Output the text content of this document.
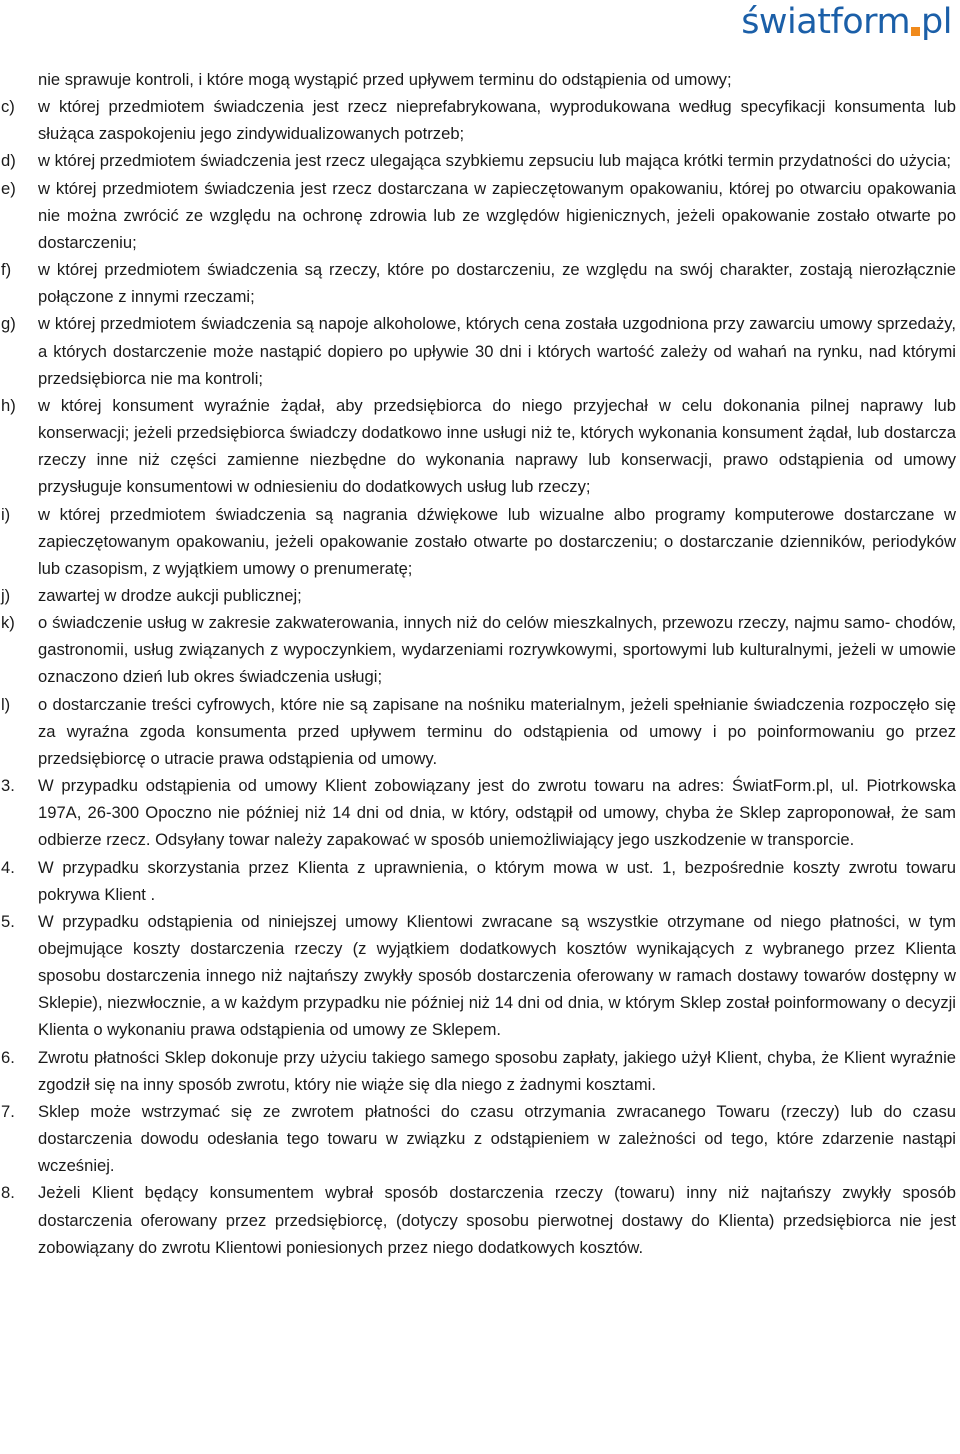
światform pl
nie sprawuje kontroli, i które mogą wystąpić przed upływem terminu do odstąpienia od umowy;
c) w której przedmiotem świadczenia jest rzecz nieprefabrykowana, wyprodukowana według specyfikacji konsumenta lub służąca zaspokojeniu jego zindywidualizowanych potrzeb;
d) w której przedmiotem świadczenia jest rzecz ulegająca szybkiemu zepsuciu lub mająca krótki termin przydatności do użycia;
e) w której przedmiotem świadczenia jest rzecz dostarczana w zapieczętowanym opakowaniu, której po otwarciu opakowania nie można zwrócić ze względu na ochronę zdrowia lub ze względów higienicznych, jeżeli opakowanie zostało otwarte po dostarczeniu;
f) w której przedmiotem świadczenia są rzeczy, które po dostarczeniu, ze względu na swój charakter, zostają nierozłącznie połączone z innymi rzeczami;
g) w której przedmiotem świadczenia są napoje alkoholowe, których cena została uzgodniona przy zawarciu umowy sprzedaży, a których dostarczenie może nastąpić dopiero po upływie 30 dni i których wartość zależy od wahań na rynku, nad którymi przedsiębiorca nie ma kontroli;
h) w której konsument wyraźnie żądał, aby przedsiębiorca do niego przyjechał w celu dokonania pilnej naprawy lub konserwacji; jeżeli przedsiębiorca świadczy dodatkowo inne usługi niż te, których wykonania konsument żądał, lub dostarcza rzeczy inne niż części zamienne niezbędne do wykonania naprawy lub konserwacji, prawo odstąpienia od umowy przysługuje konsumentowi w odniesieniu do dodatkowych usług lub rzeczy;
i) w której przedmiotem świadczenia są nagrania dźwiękowe lub wizualne albo programy komputerowe dostarczane w zapieczętowanym opakowaniu, jeżeli opakowanie zostało otwarte po dostarczeniu; o dostarczanie dzienników, periodyków lub czasopism, z wyjątkiem umowy o prenumeratę;
j) zawartej w drodze aukcji publicznej;
k) o świadczenie usług w zakresie zakwaterowania, innych niż do celów mieszkalnych, przewozu rzeczy, najmu samo- chodów, gastronomii, usług związanych z wypoczynkiem, wydarzeniami rozrywkowymi, sportowymi lub kulturalnymi, jeżeli w umowie oznaczono dzień lub okres świadczenia usługi;
l) o dostarczanie treści cyfrowych, które nie są zapisane na nośniku materialnym, jeżeli spełnianie świadczenia rozpoczęło się za wyraźna zgoda konsumenta przed upływem terminu do odstąpienia od umowy i po poinformowaniu go przez przedsiębiorcę o utracie prawa odstąpienia od umowy.
3. W przypadku odstąpienia od umowy Klient zobowiązany jest do zwrotu towaru na adres: ŚwiatForm.pl, ul. Piotrkowska 197A, 26-300 Opoczno nie później niż 14 dni od dnia, w który, odstąpił od umowy, chyba że Sklep zaproponował, że sam odbierze rzecz. Odsyłany towar należy zapakować w sposób uniemożliwiający jego uszkodzenie w transporcie.
4. W przypadku skorzystania przez Klienta z uprawnienia, o którym mowa w ust. 1, bezpośrednie koszty zwrotu towaru pokrywa Klient .
5. W przypadku odstąpienia od niniejszej umowy Klientowi zwracane są wszystkie otrzymane od niego płatności, w tym obejmujące koszty dostarczenia rzeczy (z wyjątkiem dodatkowych kosztów wynikających z wybranego przez Klienta sposobu dostarczenia innego niż najtańszy zwykły sposób dostarczenia oferowany w ramach dostawy towarów dostępny w Sklepie), niezwłocznie, a w każdym przypadku nie później niż 14 dni od dnia, w którym Sklep został poinformowany o decyzji Klienta o wykonaniu prawa odstąpienia od umowy ze Sklepem.
6. Zwrotu płatności Sklep dokonuje przy użyciu takiego samego sposobu zapłaty, jakiego użył Klient, chyba, że Klient wyraźnie zgodził się na inny sposób zwrotu, który nie wiąże się dla niego z żadnymi kosztami.
7. Sklep może wstrzymać się ze zwrotem płatności do czasu otrzymania zwracanego Towaru (rzeczy) lub do czasu dostarczenia dowodu odesłania tego towaru w związku z odstąpieniem w zależności od tego, które zdarzenie nastąpi wcześniej.
8. Jeżeli Klient będący konsumentem wybrał sposób dostarczenia rzeczy (towaru) inny niż najtańszy zwykły sposób dostarczenia oferowany przez przedsiębiorcę, (dotyczy sposobu pierwotnej dostawy do Klienta) przedsiębiorca nie jest zobowiązany do zwrotu Klientowi poniesionych przez niego dodatkowych kosztów.
